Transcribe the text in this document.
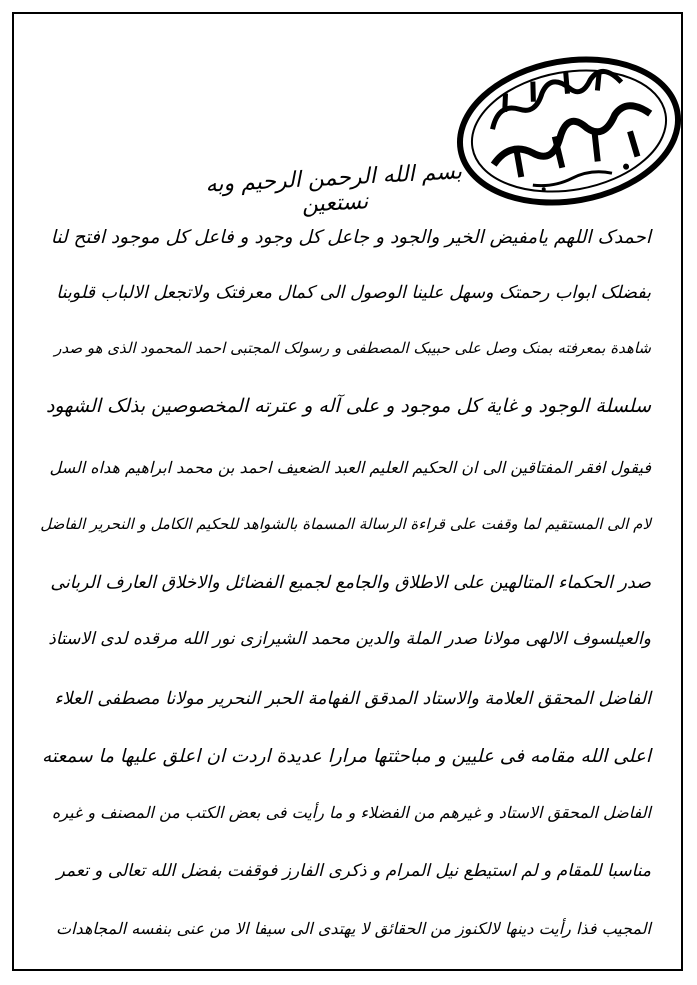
بسم الله الرحمن الرحیم وبه نستعین
احمدک اللهم یامفیض الخیر والجود و جاعل کل وجود و فاعل کل موجود افتح لنا
بفضلک ابواب رحمتک وسهل علینا الوصول الی کمال معرفتک ولاتجعل الالباب قلوبنا
شاهدة بمعرفته بمنک وصل علی حبیبک المصطفی و رسولک المجتبی احمد المحمود الذی هو صدر
سلسلة الوجود و غایة کل موجود و علی آله و عترته المخصوصین بذلک الشهود
فیقول افقر المفتاقین الی ان الحکیم العلیم العبد الضعیف احمد بن محمد ابراهیم هداه السل
لام الی المستقیم لما وقفت علی قراءة الرسالة المسماة بالشواهد للحکیم الکامل و النحریر الفاضل
صدر الحکماء المتالهین علی الاطلاق والجامع لجمیع الفضائل والاخلاق العارف الربانی
والعیلسوف الالهی مولانا صدر الملة والدین محمد الشیرازی نور الله مرقده لدی الاستاذ
الفاضل المحقق العلامة والاستاد المدقق الفهامة الحبر النحریر مولانا مصطفی العلاء
اعلی الله مقامه فی علیین و مباحثتها مرارا عدیدة اردت ان اعلق علیها ما سمعته
الفاضل المحقق الاستاد و غیرهم من الفضلاء و ما رأیت فی بعض الکتب من المصنف و غیره
مناسبا للمقام و لم استیطع نیل المرام و ذکری الفارز فوقفت بفضل الله تعالی و تعمر
المجیب فذا رأیت دینها لالکنوز من الحقائق لا یهتدی الی سیفا الا من عنی بنفسه المجاهدات
